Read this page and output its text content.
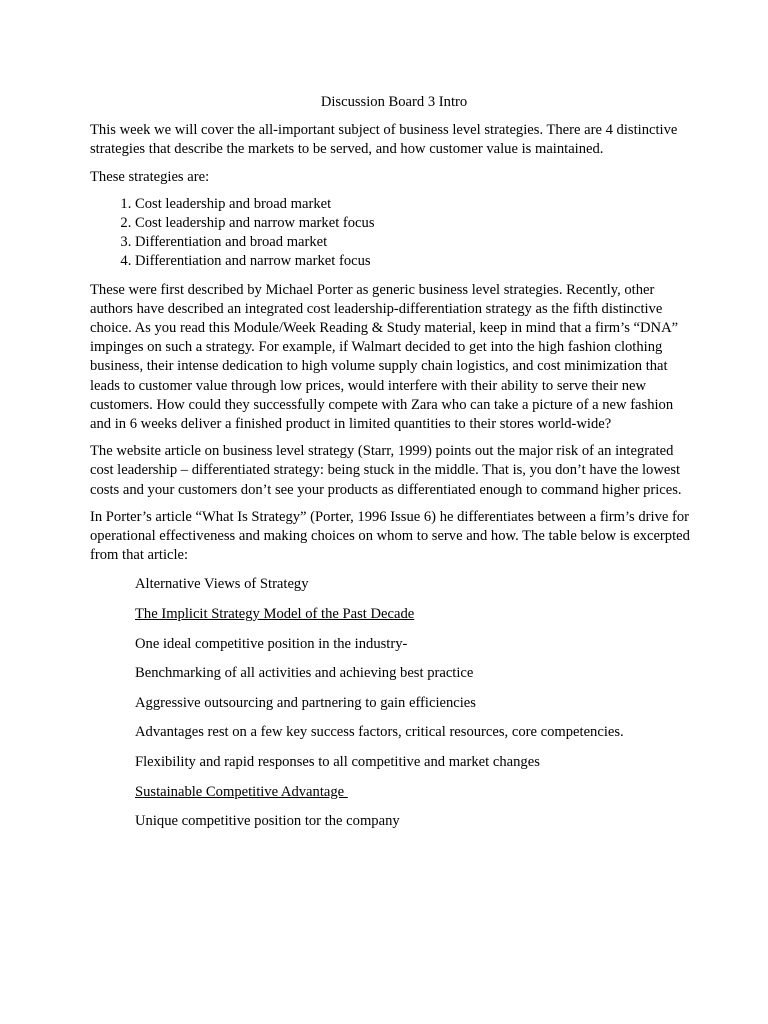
Discussion Board 3 Intro

This week we will cover the all-important subject of business level strategies. There are 4 distinctive strategies that describe the markets to be served, and how customer value is maintained.

These strategies are:

1. Cost leadership and broad market
2. Cost leadership and narrow market focus
3. Differentiation and broad market
4. Differentiation and narrow market focus

These were first described by Michael Porter as generic business level strategies. Recently, other authors have described an integrated cost leadership-differentiation strategy as the fifth distinctive choice. As you read this Module/Week Reading & Study material, keep in mind that a firm’s “DNA” impinges on such a strategy. For example, if Walmart decided to get into the high fashion clothing business, their intense dedication to high volume supply chain logistics, and cost minimization that leads to customer value through low prices, would interfere with their ability to serve their new customers. How could they successfully compete with Zara who can take a picture of a new fashion and in 6 weeks deliver a finished product in limited quantities to their stores world-wide?

The website article on business level strategy (Starr, 1999) points out the major risk of an integrated cost leadership – differentiated strategy: being stuck in the middle. That is, you don’t have the lowest costs and your customers don’t see your products as differentiated enough to command higher prices.

In Porter’s article “What Is Strategy” (Porter, 1996 Issue 6) he differentiates between a firm’s drive for operational effectiveness and making choices on whom to serve and how. The table below is excerpted from that article:

Alternative Views of Strategy
The Implicit Strategy Model of the Past Decade
One ideal competitive position in the industry-
Benchmarking of all activities and achieving best practice
Aggressive outsourcing and partnering to gain efficiencies
Advantages rest on a few key success factors, critical resources, core competencies.
Flexibility and rapid responses to all competitive and market changes
Sustainable Competitive Advantage
Unique competitive position tor the company
